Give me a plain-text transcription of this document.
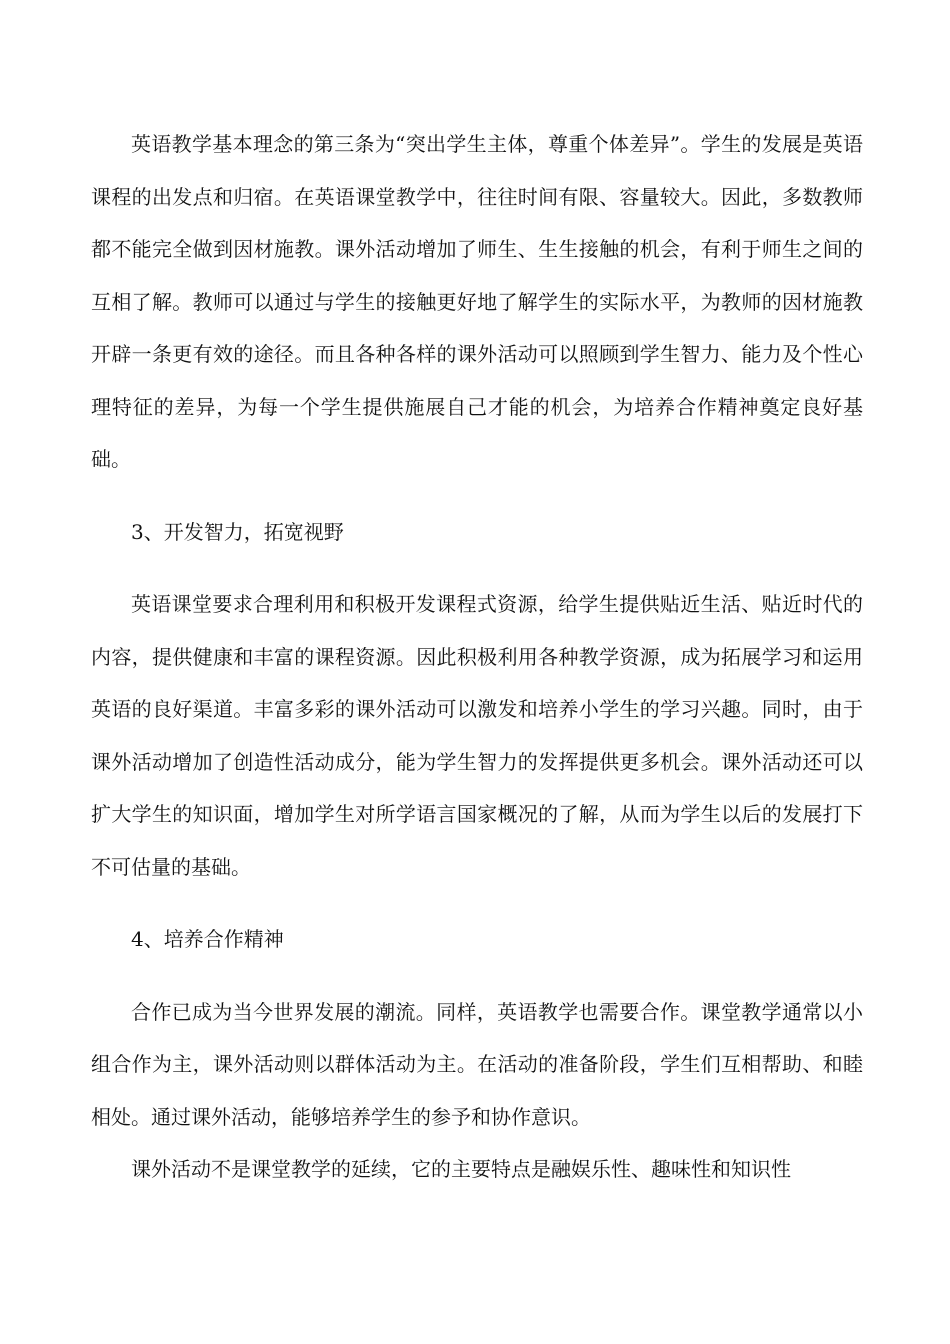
英语教学基本理念的第三条为“突出学生主体，尊重个体差异”。学生的发展是英语课程的出发点和归宿。在英语课堂教学中，往往时间有限、容量较大。因此，多数教师都不能完全做到因材施教。课外活动增加了师生、生生接触的机会，有利于师生之间的互相了解。教师可以通过与学生的接触更好地了解学生的实际水平，为教师的因材施教开辟一条更有效的途径。而且各种各样的课外活动可以照顾到学生智力、能力及个性心理特征的差异，为每一个学生提供施展自己才能的机会，为培养合作精神奠定良好基础。

3、开发智力，拓宽视野

英语课堂要求合理利用和积极开发课程式资源，给学生提供贴近生活、贴近时代的内容，提供健康和丰富的课程资源。因此积极利用各种教学资源，成为拓展学习和运用英语的良好渠道。丰富多彩的课外活动可以激发和培养小学生的学习兴趣。同时，由于课外活动增加了创造性活动成分，能为学生智力的发挥提供更多机会。课外活动还可以扩大学生的知识面，增加学生对所学语言国家概况的了解，从而为学生以后的发展打下不可估量的基础。

4、培养合作精神

合作已成为当今世界发展的潮流。同样，英语教学也需要合作。课堂教学通常以小组合作为主，课外活动则以群体活动为主。在活动的准备阶段，学生们互相帮助、和睦相处。通过课外活动，能够培养学生的参予和协作意识。

课外活动不是课堂教学的延续，它的主要特点是融娱乐性、趣味性和知识性
